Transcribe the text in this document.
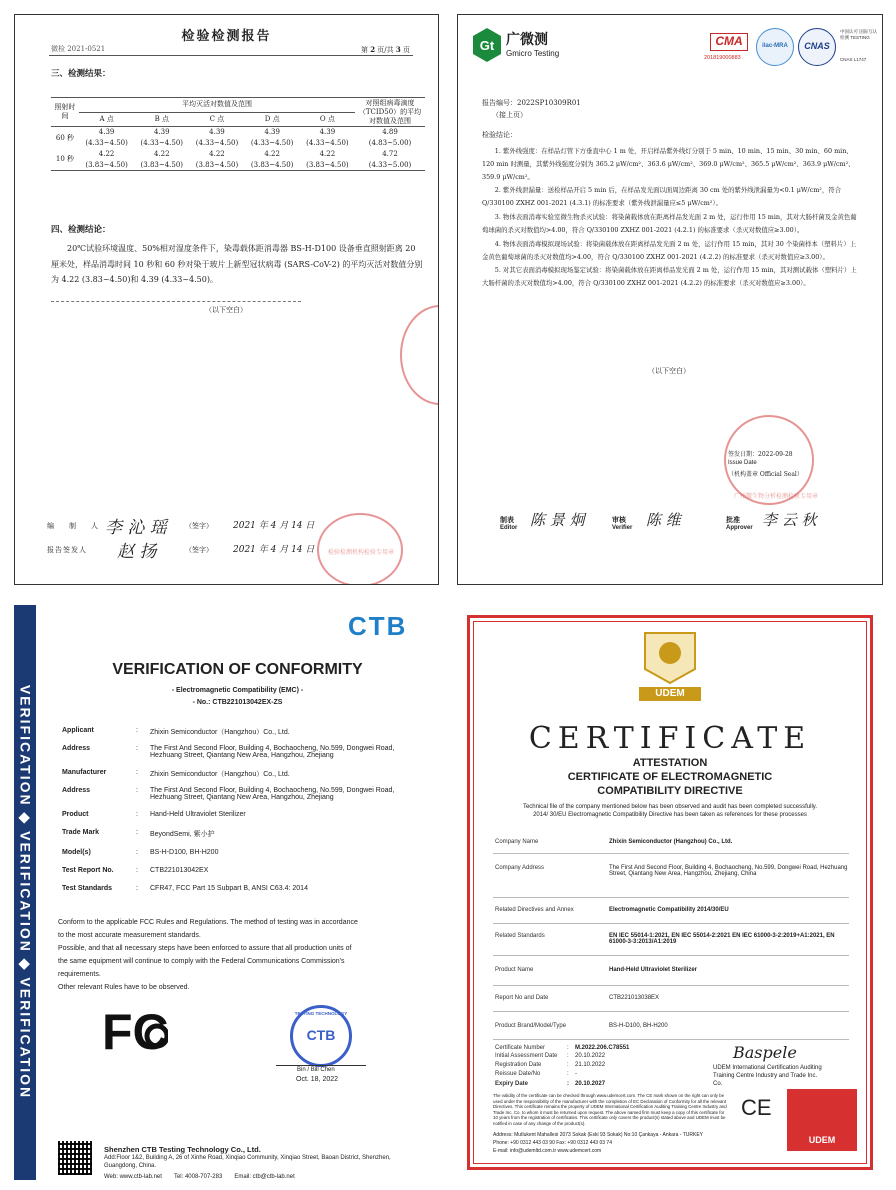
检验检测报告
微检 2021-0521	第 2 页/共 3 页
三、检测结果：
照射时间	平均灭活对数值及范围					对照组病毒滴度（TCID50）的平均对数值及范围
	A 点	B 点	C 点	D 点	O 点	
60 秒	4.39	4.39	4.39	4.39	4.39	4.89
	(4.33~4.50)	(4.33~4.50)	(4.33~4.50)	(4.33~4.50)	(4.33~4.50)	(4.83~5.00)
10 秒	4.22	4.22	4.22	4.22	4.22	4.72
	(3.83~4.50)	(3.83~4.50)	(3.83~4.50)	(3.83~4.50)	(3.83~4.50)	(4.33~5.00)
四、检测结论：
20℃试验环境温度、50%相对湿度条件下，染毒载体距消毒器 BS-H-D100 设备垂直照射距离 20 厘米处，样品消毒时间 10 秒和 60 秒对染于玻片上新型冠状病毒 (SARS-CoV-2) 的平均灭活对数值分别为 4.22 (3.83~4.50)和 4.39 (4.33~4.50)。
（以下空白）
编　制　人 李 沁 瑶	（签字） 2021 年 4 月 14 日
报告签发人 赵 扬	（签字） 2021 年 4 月 14 日	检验检测机构检验专用章
Gt 广微测
Gmicro Testing
CMA
201819000883
ilac-MRA	CNAS
中国认可 国际互认 检测 TESTING
CNAS L1747
报告编号：2022SP10309R01
（接上页）
检验结论：
1. 紫外线强度：在样品灯管下方垂直中心 1 m 处，开启样品紫外线灯分别于 5 min、10 min、15 min、30 min、60 min、120 min 时测量，其紫外线强度分别为 365.2 μW/cm²、363.6 μW/cm²、369.0 μW/cm²、365.5 μW/cm²、363.9 μW/cm²、359.9 μW/cm²。
2. 紫外线泄漏量：送检样品开启 5 min 后，在样品发光面以面周边距离 30 cm 处的紫外线泄漏量为<0.1 μW/cm²，符合 Q/330100 ZXHZ 001-2021 (4.3.1) 的标准要求（紫外线泄漏量应≤5 μW/cm²）。
3. 物体表面消毒实验室微生物杀灭试验：将染菌载体放在距离样品发光面 2 m 处，运行作用 15 min，其对大肠杆菌及金黄色葡萄球菌的杀灭对数值均>4.00，符合 Q/330100 ZXHZ 001-2021 (4.2.1) 的标准要求（杀灭对数值应≥3.00）。
4. 物体表面消毒模拟现场试验：将染菌载体放在距离样品发光面 2 m 处，运行作用 15 min，其对 30 个染菌样本（塑料片）上金黄色葡萄球菌的杀灭对数值均>4.00，符合 Q/330100 ZXHZ 001-2021 (4.2.2) 的标准要求（杀灭对数值应≥3.00）。
5. 对其它表面消毒模拟现场鉴定试验：将染菌载体放在距离样品发光面 2 m 处，运行作用 15 min，其对测试载体（塑料片）上大肠杆菌的杀灭对数值均>4.00，符合 Q/330100 ZXHZ 001-2021 (4.2.2) 的标准要求（杀灭对数值应≥3.00）。
（以下空白）
广州微生物分析检测检验专用章
签发日期：2022-09-28
Issue Date
（机构盖章 Official Seal）
制表
Editor 陈 景 炯	审核
Verifier 陈 维	批准
Approver 李 云 秋
VERIFICATION ◆ VERIFICATION ◆ VERIFICATION
CTB
VERIFICATION OF CONFORMITY
- Electromagnetic Compatibility (EMC) -
- No.: CTB221013042EX-ZS
Applicant	: Zhixin Semiconductor（Hangzhou）Co., Ltd.
Address	: The First And Second Floor, Building 4, Bochaocheng, No.599, Dongwei Road, Hezhuang Street, Qiantang New Area, Hangzhou, Zhejiang
Manufacturer	: Zhixin Semiconductor（Hangzhou）Co., Ltd.
Address	: The First And Second Floor, Building 4, Bochaocheng, No.599, Dongwei Road, Hezhuang Street, Qiantang New Area, Hangzhou, Zhejiang
Product	: Hand-Held Ultraviolet Sterilizer
Trade Mark	: BeyondSemi, 紫小护
Model(s)	: BS-H-D100, BH-H200
Test Report No.	: CTB221013042EX
Test Standards	: CFR47, FCC Part 15 Subpart B, ANSI C63.4: 2014
Conform to the applicable FCC Rules and Regulations. The method of testing was in accordance to the most accurate measurement standards.
Possible, and that all necessary steps have been enforced to assure that all production units of the same equipment will continue to comply with the Federal Communications Commission's requirements.
Other relevant Rules have to be observed.
FC	TESTING TECHNOLOGY
CTB
Bin / Bill Chen
Oct. 18, 2022
Shenzhen CTB Testing Technology Co., Ltd.
Add:Floor 1&2, Building A, 26 of Xinhe Road, Xinqiao Community, Xinqiao Street, Baoan District, Shenzhen, Guangdong, China.
Web: www.ctb-lab.net　　 Tel: 4008-707-283　　 Email: ctb@ctb-lab.net
UDEM
CERTIFICATE
ATTESTATION
CERTIFICATE OF ELECTROMAGNETIC
COMPATIBILITY DIRECTIVE
Technical file of the company mentioned below has been observed and audit has been completed successfully. 2014/ 30/EU Electromagnetic Compatibility Directive has been taken as references for these processes
Company Name	Zhixin Semiconductor (Hangzhou) Co., Ltd.
Company Address	The First And Second Floor, Building 4, Bochaocheng, No.599, Dongwei Road, Hezhuang Street, Qiantang New Area, Hangzhou, Zhejiang, China
Related Directives and Annex	Electromagnetic Compatibility 2014/30/EU
Related Standards	EN IEC 55014-1:2021, EN IEC 55014-2:2021 EN IEC 61000-3-2:2019+A1:2021, EN 61000-3-3:2013/A1:2019
Product Name	Hand-Held Ultraviolet Sterilizer
Report No and Date	CTB221013038EX
Product Brand/Model/Type	BS-H-D100, BH-H200
Certificate Number	: M.2022.206.C78551
Initial Assessment Date : 20.10.2022
Registration Date	: 21.10.2022
Reissue Date/No	: -
Expiry Date	: 20.10.2027
Baspele
UDEM International Certification Auditing Training Centre Industry and Trade Inc. Co.
CE
UDEM
The validity of the certificate can be checked through www.udemcert.com. The CE mark shown on the right can only be used under the responsibility of the manufacturer with the completion of EC Declaration of Conformity for all the relevant Directives. This certificate remains the property of UDEM International Certification Auditing Training Centre Industry and Trade Inc. Co. to whom it must be returned upon request. The above named firm must keep a copy of this certificate for 10 years from the registration of certificates. This certificate only covers the product(s) stated above and UDEM must be notified in case of any change of the product(s).
Address: Mutlukent Mahallesi 2073 Sokak (Eski 93 Sokak) No:10 Çankaya - Ankara - TURKEY
Phone: +90 0312 443 03 90 Fax: +90 0312 443 03 74
E-mail: info@udemltd.com.tr www.udemcert.com
